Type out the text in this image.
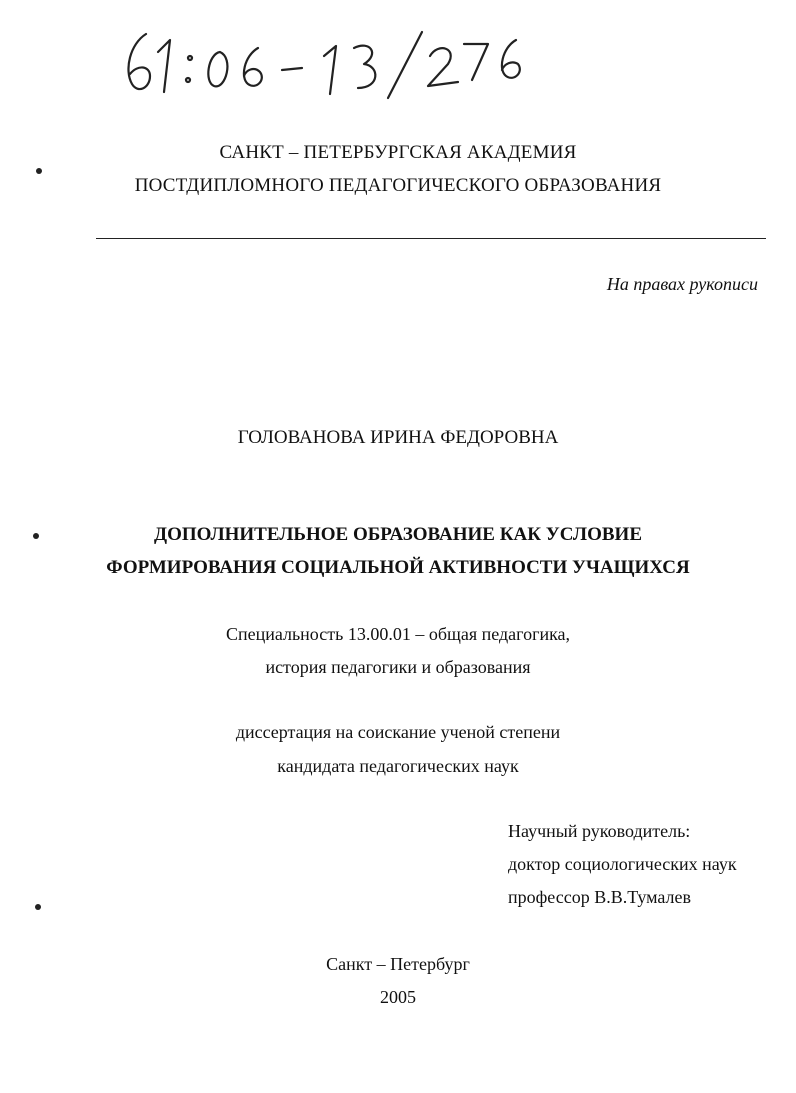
САНКТ – ПЕТЕРБУРГСКАЯ АКАДЕМИЯ
ПОСТДИПЛОМНОГО ПЕДАГОГИЧЕСКОГО ОБРАЗОВАНИЯ
На правах рукописи
ГОЛОВАНОВА ИРИНА ФЕДОРОВНА
ДОПОЛНИТЕЛЬНОЕ ОБРАЗОВАНИЕ КАК УСЛОВИЕ
ФОРМИРОВАНИЯ СОЦИАЛЬНОЙ АКТИВНОСТИ УЧАЩИХСЯ
Специальность 13.00.01 – общая педагогика,
история педагогики и образования
диссертация на соискание ученой степени
кандидата педагогических наук
Научный руководитель:
доктор социологических наук
профессор В.В.Тумалев
Санкт – Петербург
2005
